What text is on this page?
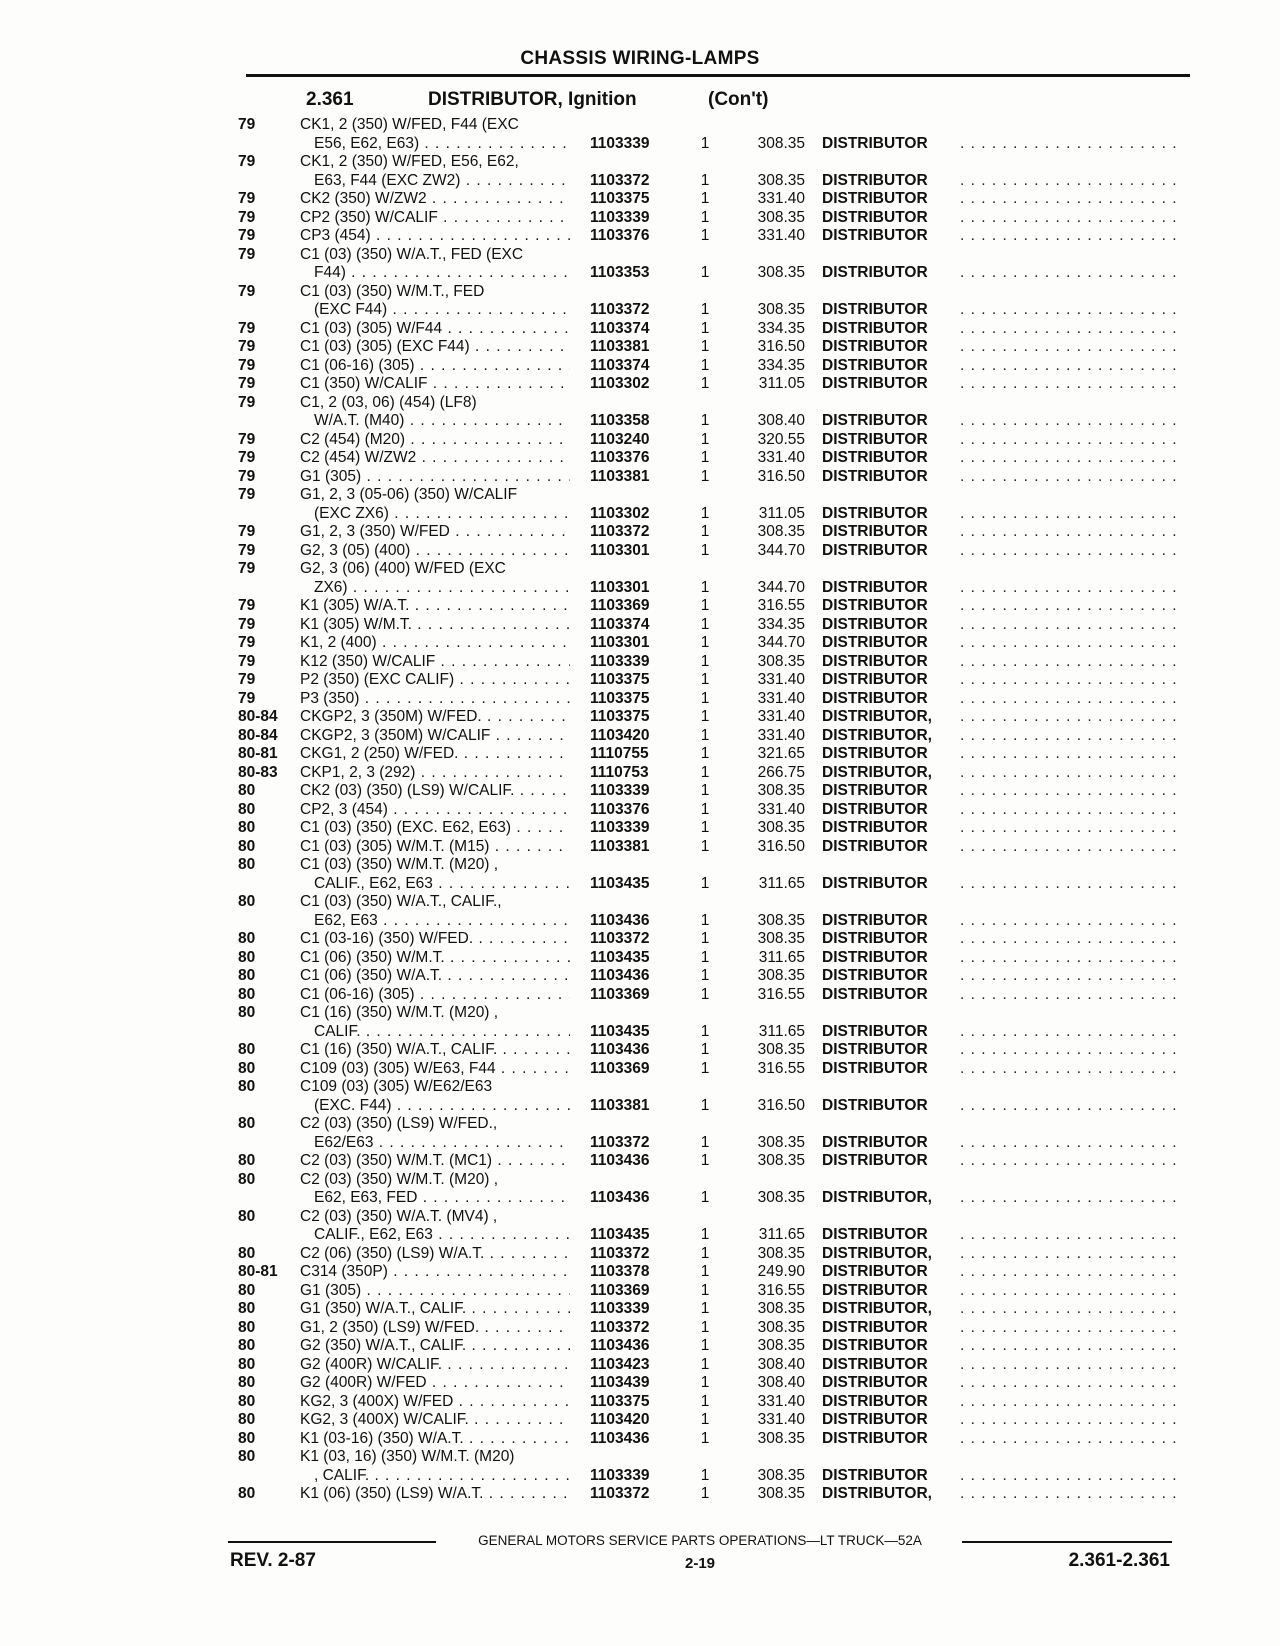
CHASSIS WIRING-LAMPS
2.361	DISTRIBUTOR, Ignition	(Con't)
79	CK1, 2 (350) W/FED, F44 (EXC
E56, E62, E63) . . .	1103339	1	308.35 DISTRIBUTOR
. . .
79	CK1, 2 (350) W/FED, E56, E62,
E63, F44 (EXC ZW2) . . .	1103372	1	308.35 DISTRIBUTOR
. . .
79	CK2 (350) W/ZW2 . . .	1103375	1	331.40 DISTRIBUTOR
. . .
79	CP2 (350) W/CALIF . . .	1103339	1	308.35 DISTRIBUTOR
. . .
79	CP3 (454) . . .	1103376	1	331.40 DISTRIBUTOR
. . .
79	C1 (03) (350) W/A.T., FED (EXC
F44) . . .	1103353	1	308.35 DISTRIBUTOR
. . .
79	C1 (03) (350) W/M.T., FED
(EXC F44) . . .	1103372	1	308.35 DISTRIBUTOR
. . .
79	C1 (03) (305) W/F44 . . .	1103374	1	334.35 DISTRIBUTOR
. . .
79	C1 (03) (305) (EXC F44) . . .	1103381	1	316.50 DISTRIBUTOR
. . .
79	C1 (06-16) (305) . . .	1103374	1	334.35 DISTRIBUTOR
. . .
79	C1 (350) W/CALIF . . .	1103302	1	311.05 DISTRIBUTOR
. . .
79	C1, 2 (03, 06) (454) (LF8)
W/A.T. (M40) . . .	1103358	1	308.40 DISTRIBUTOR
. . .
79	C2 (454) (M20) . . .	1103240	1	320.55 DISTRIBUTOR
. . .
79	C2 (454) W/ZW2 . . .	1103376	1	331.40 DISTRIBUTOR
. . .
79	G1 (305) . . .	1103381	1	316.50 DISTRIBUTOR
. . .
79	G1, 2, 3 (05-06) (350) W/CALIF
(EXC ZX6) . . .	1103302	1	311.05 DISTRIBUTOR
. . .
79	G1, 2, 3 (350) W/FED . . .	1103372	1	308.35 DISTRIBUTOR
. . .
79	G2, 3 (05) (400) . . .	1103301	1	344.70 DISTRIBUTOR
. . .
79	G2, 3 (06) (400) W/FED (EXC
ZX6) . . .	1103301	1	344.70 DISTRIBUTOR
. . .
79	K1 (305) W/A.T. . . .	1103369	1	316.55 DISTRIBUTOR
. . .
79	K1 (305) W/M.T. . . .	1103374	1	334.35 DISTRIBUTOR
. . .
79	K1, 2 (400) . . .	1103301	1	344.70 DISTRIBUTOR
. . .
79	K12 (350) W/CALIF . . .	1103339	1	308.35 DISTRIBUTOR
. . .
79	P2 (350) (EXC CALIF) . . .	1103375	1	331.40 DISTRIBUTOR
. . .
79	P3 (350) . . .	1103375	1	331.40 DISTRIBUTOR
. . .
80-84	CKGP2, 3 (350M) W/FED. . . .	1103375	1	331.40 DISTRIBUTOR,
. . .
80-84	CKGP2, 3 (350M) W/CALIF . . .	1103420	1	331.40 DISTRIBUTOR,
. . .
80-81	CKG1, 2 (250) W/FED. . . .	1110755	1	321.65 DISTRIBUTOR
. . .
80-83	CKP1, 2, 3 (292) . . .	1110753	1	266.75 DISTRIBUTOR,
. . .
80	CK2 (03) (350) (LS9) W/CALIF. . . .	1103339	1	308.35 DISTRIBUTOR
. . .
80	CP2, 3 (454) . . .	1103376	1	331.40 DISTRIBUTOR
. . .
80	C1 (03) (350) (EXC. E62, E63) . . .	1103339	1	308.35 DISTRIBUTOR
. . .
80	C1 (03) (305) W/M.T. (M15) . . .	1103381	1	316.50 DISTRIBUTOR
. . .
80	C1 (03) (350) W/M.T. (M20) ,
CALIF., E62, E63 . . .	1103435	1	311.65 DISTRIBUTOR
. . .
80	C1 (03) (350) W/A.T., CALIF.,
E62, E63 . . .	1103436	1	308.35 DISTRIBUTOR
. . .
80	C1 (03-16) (350) W/FED. . . .	1103372	1	308.35 DISTRIBUTOR
. . .
80	C1 (06) (350) W/M.T. . . .	1103435	1	311.65 DISTRIBUTOR
. . .
80	C1 (06) (350) W/A.T. . . .	1103436	1	308.35 DISTRIBUTOR
. . .
80	C1 (06-16) (305) . . .	1103369	1	316.55 DISTRIBUTOR
. . .
80	C1 (16) (350) W/M.T. (M20) ,
CALIF. . . .	1103435	1	311.65 DISTRIBUTOR
. . .
80	C1 (16) (350) W/A.T., CALIF. . . .	1103436	1	308.35 DISTRIBUTOR
. . .
80	C109 (03) (305) W/E63, F44 . . .	1103369	1	316.55 DISTRIBUTOR
. . .
80	C109 (03) (305) W/E62/E63
(EXC. F44) . . .	1103381	1	316.50 DISTRIBUTOR
. . .
80	C2 (03) (350) (LS9) W/FED.,
E62/E63 . . .	1103372	1	308.35 DISTRIBUTOR
. . .
80	C2 (03) (350) W/M.T. (MC1) . . .	1103436	1	308.35 DISTRIBUTOR
. . .
80	C2 (03) (350) W/M.T. (M20) ,
E62, E63, FED . . .	1103436	1	308.35 DISTRIBUTOR,
. . .
80	C2 (03) (350) W/A.T. (MV4) ,
CALIF., E62, E63 . . .	1103435	1	311.65 DISTRIBUTOR
. . .
80	C2 (06) (350) (LS9) W/A.T. . . .	1103372	1	308.35 DISTRIBUTOR,
. . .
80-81	C314 (350P) . . .	1103378	1	249.90 DISTRIBUTOR
. . .
80	G1 (305) . . .	1103369	1	316.55 DISTRIBUTOR
. . .
80	G1 (350) W/A.T., CALIF. . . .	1103339	1	308.35 DISTRIBUTOR,
. . .
80	G1, 2 (350) (LS9) W/FED. . . .	1103372	1	308.35 DISTRIBUTOR
. . .
80	G2 (350) W/A.T., CALIF. . . .	1103436	1	308.35 DISTRIBUTOR
. . .
80	G2 (400R) W/CALIF. . . .	1103423	1	308.40 DISTRIBUTOR
. . .
80	G2 (400R) W/FED . . .	1103439	1	308.40 DISTRIBUTOR
. . .
80	KG2, 3 (400X) W/FED . . .	1103375	1	331.40 DISTRIBUTOR
. . .
80	KG2, 3 (400X) W/CALIF. . . .	1103420	1	331.40 DISTRIBUTOR
. . .
80	K1 (03-16) (350) W/A.T. . . .	1103436	1	308.35 DISTRIBUTOR
. . .
80	K1 (03, 16) (350) W/M.T. (M20)
, CALIF. . . .	1103339	1	308.35 DISTRIBUTOR
. . .
80	K1 (06) (350) (LS9) W/A.T. . . .	1103372	1	308.35 DISTRIBUTOR,
. . .
GENERAL MOTORS SERVICE PARTS OPERATIONS—LT TRUCK—52A
REV. 2-87	2-19	2.361-2.361
